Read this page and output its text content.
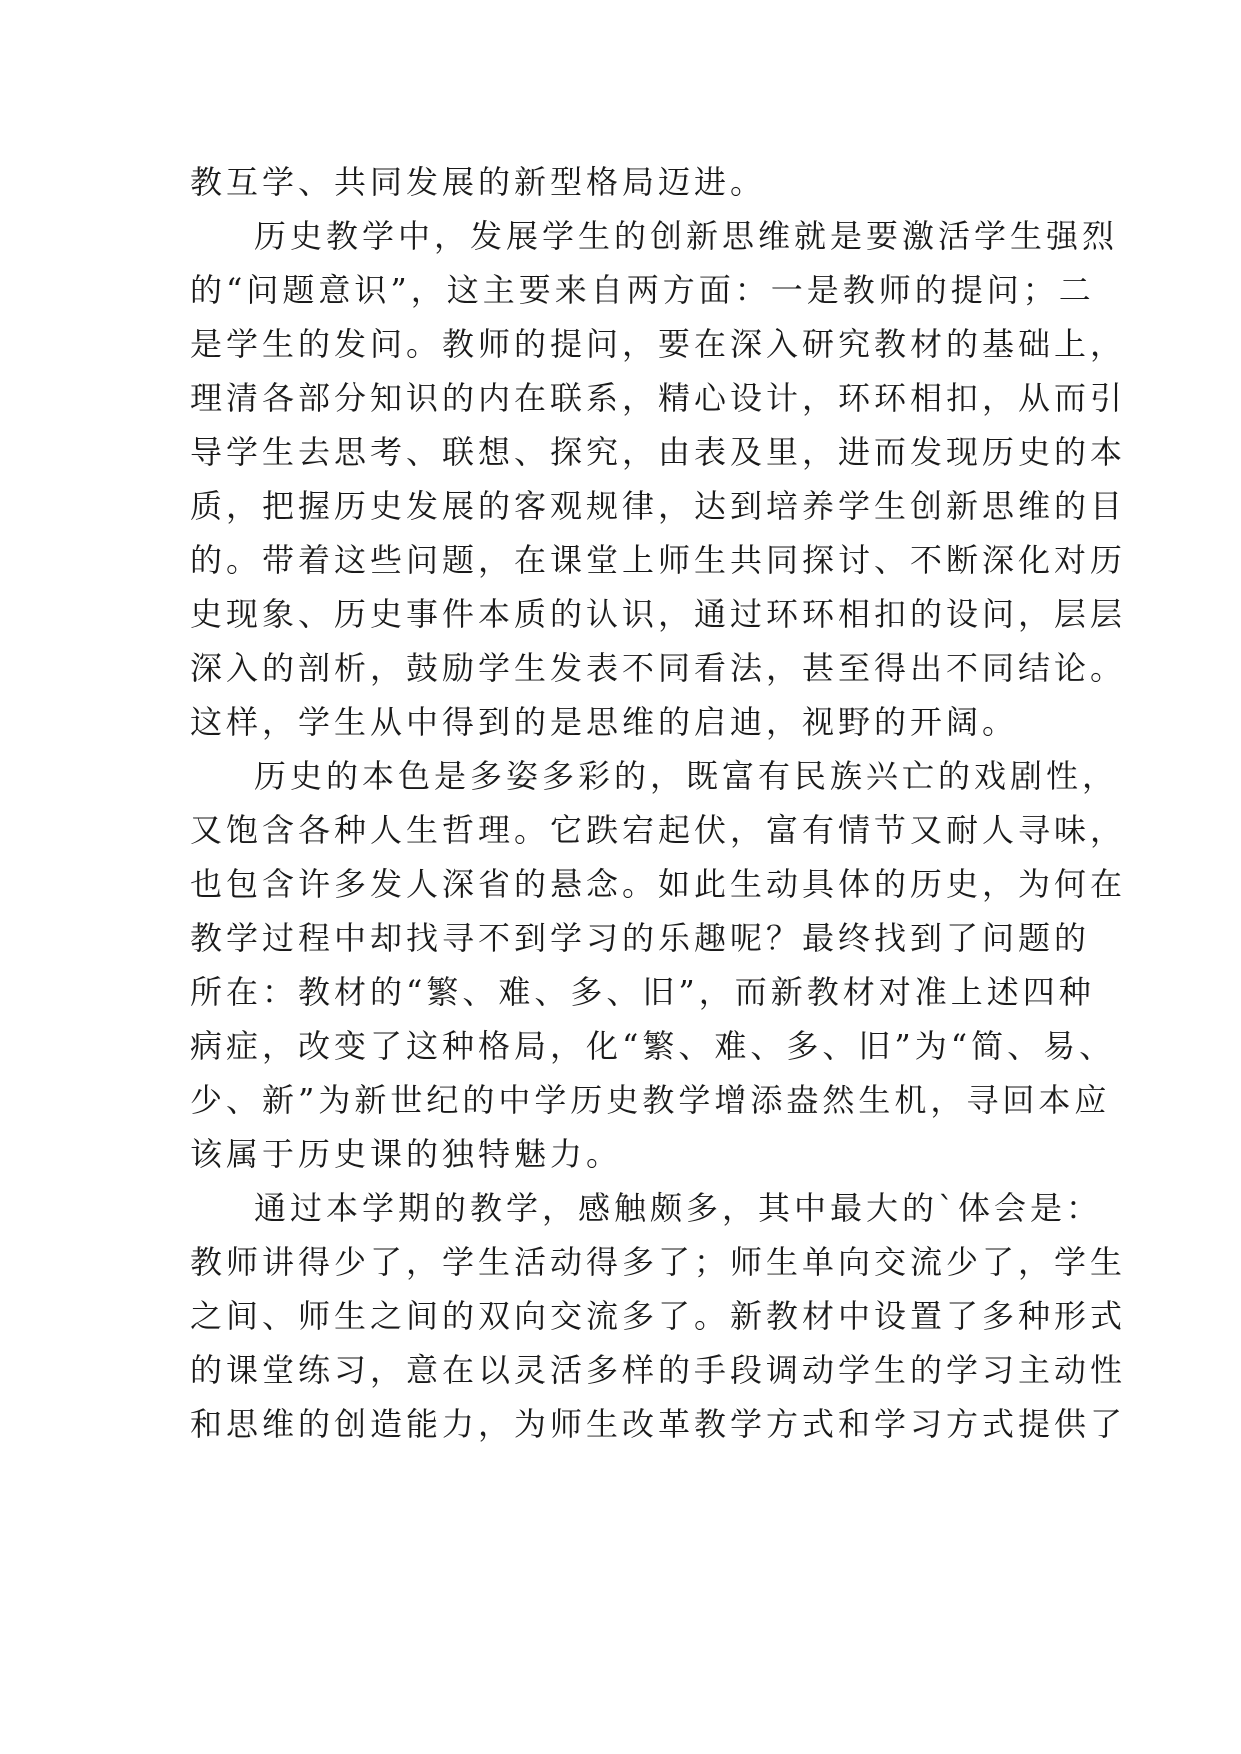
教互学、共同发展的新型格局迈进。
历史教学中，发展学生的创新思维就是要激活学生强烈
的“问题意识”，这主要来自两方面：一是教师的提问；二
是学生的发问。教师的提问，要在深入研究教材的基础上，
理清各部分知识的内在联系，精心设计，环环相扣，从而引
导学生去思考、联想、探究，由表及里，进而发现历史的本
质，把握历史发展的客观规律，达到培养学生创新思维的目
的。带着这些问题，在课堂上师生共同探讨、不断深化对历
史现象、历史事件本质的认识，通过环环相扣的设问，层层
深入的剖析，鼓励学生发表不同看法，甚至得出不同结论。
这样，学生从中得到的是思维的启迪，视野的开阔。
历史的本色是多姿多彩的，既富有民族兴亡的戏剧性，
又饱含各种人生哲理。它跌宕起伏，富有情节又耐人寻味，
也包含许多发人深省的悬念。如此生动具体的历史，为何在
教学过程中却找寻不到学习的乐趣呢？最终找到了问题的
所在：教材的“繁、难、多、旧”，而新教材对准上述四种
病症，改变了这种格局，化“繁、难、多、旧”为“简、易、
少、新”为新世纪的中学历史教学增添盎然生机，寻回本应
该属于历史课的独特魅力。
通过本学期的教学，感触颇多，其中最大的`体会是：
教师讲得少了，学生活动得多了；师生单向交流少了，学生
之间、师生之间的双向交流多了。新教材中设置了多种形式
的课堂练习，意在以灵活多样的手段调动学生的学习主动性
和思维的创造能力，为师生改革教学方式和学习方式提供了
